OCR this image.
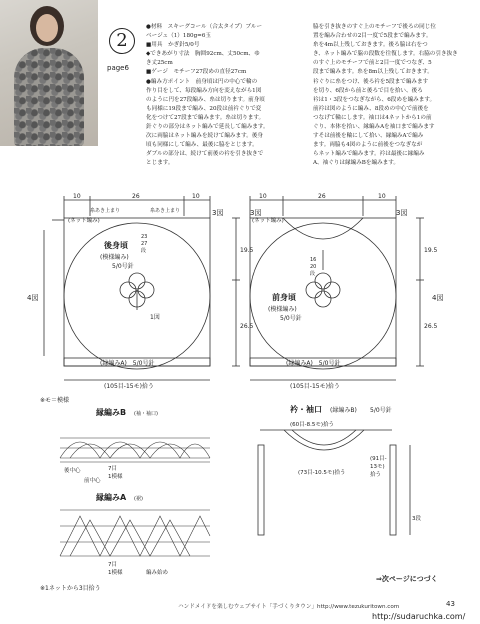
2
page6

●材料　スキーグコール（合太タイプ）ブルー

ベージュ（1）180g=6玉

■用具　かぎ針5/0号

◆できあがり寸法　胸囲92cm、丈50cm、ゆ

き丈25cm

■ゲージ　モチーフ27段めの直径27cm

●編み方ポイント　前身頃は円の中心で輪の

作り目をして、毎段編み方向を変えながら1図

のように円を27段編み、糸は切ります。前身頃

も同様に19段まで編み、20段は前衿ぐりで変

化をつけて27段まで編みます。糸は切ります。

針ぐりの部分はネット編みで延長して編みます。

次に両脇はネット編みを続けて編みます。後身

頃も同様にして編み、最後に脇をとじます。

ダブルの部分は、続けて前後の衿を引き抜きで

とじます。

脇を引き抜きのすぐ上のモチーフで後ろの同じ位

置を編み合わせの2目一度で5段まで編みます。

糸を4m以上残しておきます。後ろ脇は右をつ

き、ネット編みで脇の段数を往復します。右脇の引き抜き

のすぐ上のモチーフで前と2目一度でつなぎ、5

段まで編みます。糸を8m以上残しておきます。

衿ぐりに糸をつけ、後ろ衿を5段まで編みます

を切り、6段から前と後ろで目を拾い、後ろ

衿は1・3段をつなぎながら、6段めを編みます。

前衿は図のように編み、8段めの中心で前後を

つなげて輪にします。袖口は4ネットから1の前

ぐり、本体を拾い、縁編みAを袖口まで編みます

すそは前後を輪にして拾い、縁編みAで編み

ます。両脇も4図のように前後をつなぎなが

らネット編みで編みます。衿は最後に縁編み

A、袖ぐりは縁編みBを編みます。

10	26	10	10	26	10
19.5
26.5
19.5
26.5
4図	4図
3図	3図
3図
(ネット編み)	(ネット編み)
糸あき上まり	糸あき上まり
後身頃
(模様編み)
5/0号針
23
27
段
1図
前身頃
(模様編み)
5/0号針
16
20
段
(縁編みA)　5/0号針	(縁編みA)　5/0号針
(105目-15モ)拾う	(105目-15モ)拾う
※モ＝模様
縁編みB (袖・袖口)
縁編みA (裾)
後中心
前中心
7目
1模様
7目
1模様	編み始め
※1ネットから3目拾う
衿・袖口 (縁編みB) 5/0号針
(60目-8.5モ)拾う
(73目-10.5モ)拾う
(91目-
13モ)
拾う
3段
⇒次ページにつづく
ハンドメイドを楽しむウェブサイト「手づくりタウン」http://www.tezukuritown.com	43
http://sudaruchka.com/
